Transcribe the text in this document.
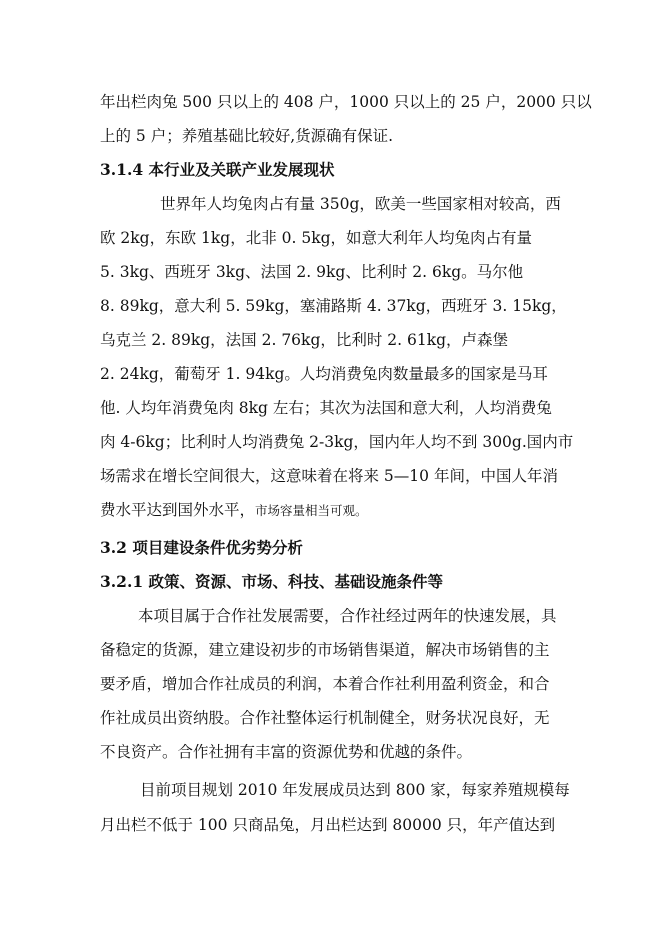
年出栏肉兔 500 只以上的 408 户，1000 只以上的 25 户，2000 只以
上的 5 户；养殖基础比较好,货源确有保证.
3.1.4 本行业及关联产业发展现状
世界年人均兔肉占有量 350g，欧美一些国家相对较高，西
欧 2kg，东欧 1kg，北非 0. 5kg，如意大利年人均兔肉占有量
5. 3kg、西班牙 3kg、法国 2. 9kg、比利时 2. 6kg。马尔他
8. 89kg，意大利 5. 59kg，塞浦路斯 4. 37kg，西班牙 3. 15kg，
乌克兰 2. 89kg，法国 2. 76kg，比利时 2. 61kg，卢森堡
2. 24kg，葡萄牙 1. 94kg。人均消费兔肉数量最多的国家是马耳
他. 人均年消费兔肉 8kg 左右；其次为法国和意大利，人均消费兔
肉 4-6kg；比利时人均消费兔 2-3kg，国内年人均不到 300g.国内市
场需求在增长空间很大，这意味着在将来 5—10 年间，中国人年消
费水平达到国外水平，市场容量相当可观。
3.2 项目建设条件优劣势分析
3.2.1 政策、资源、市场、科技、基础设施条件等
本项目属于合作社发展需要，合作社经过两年的快速发展，具
备稳定的货源，建立建设初步的市场销售渠道，解决市场销售的主
要矛盾，增加合作社成员的利润，本着合作社利用盈利资金，和合
作社成员出资纳股。合作社整体运行机制健全，财务状况良好，无
不良资产。合作社拥有丰富的资源优势和优越的条件。
目前项目规划 2010 年发展成员达到 800 家，每家养殖规模每
月出栏不低于 100 只商品兔，月出栏达到 80000 只，年产值达到
